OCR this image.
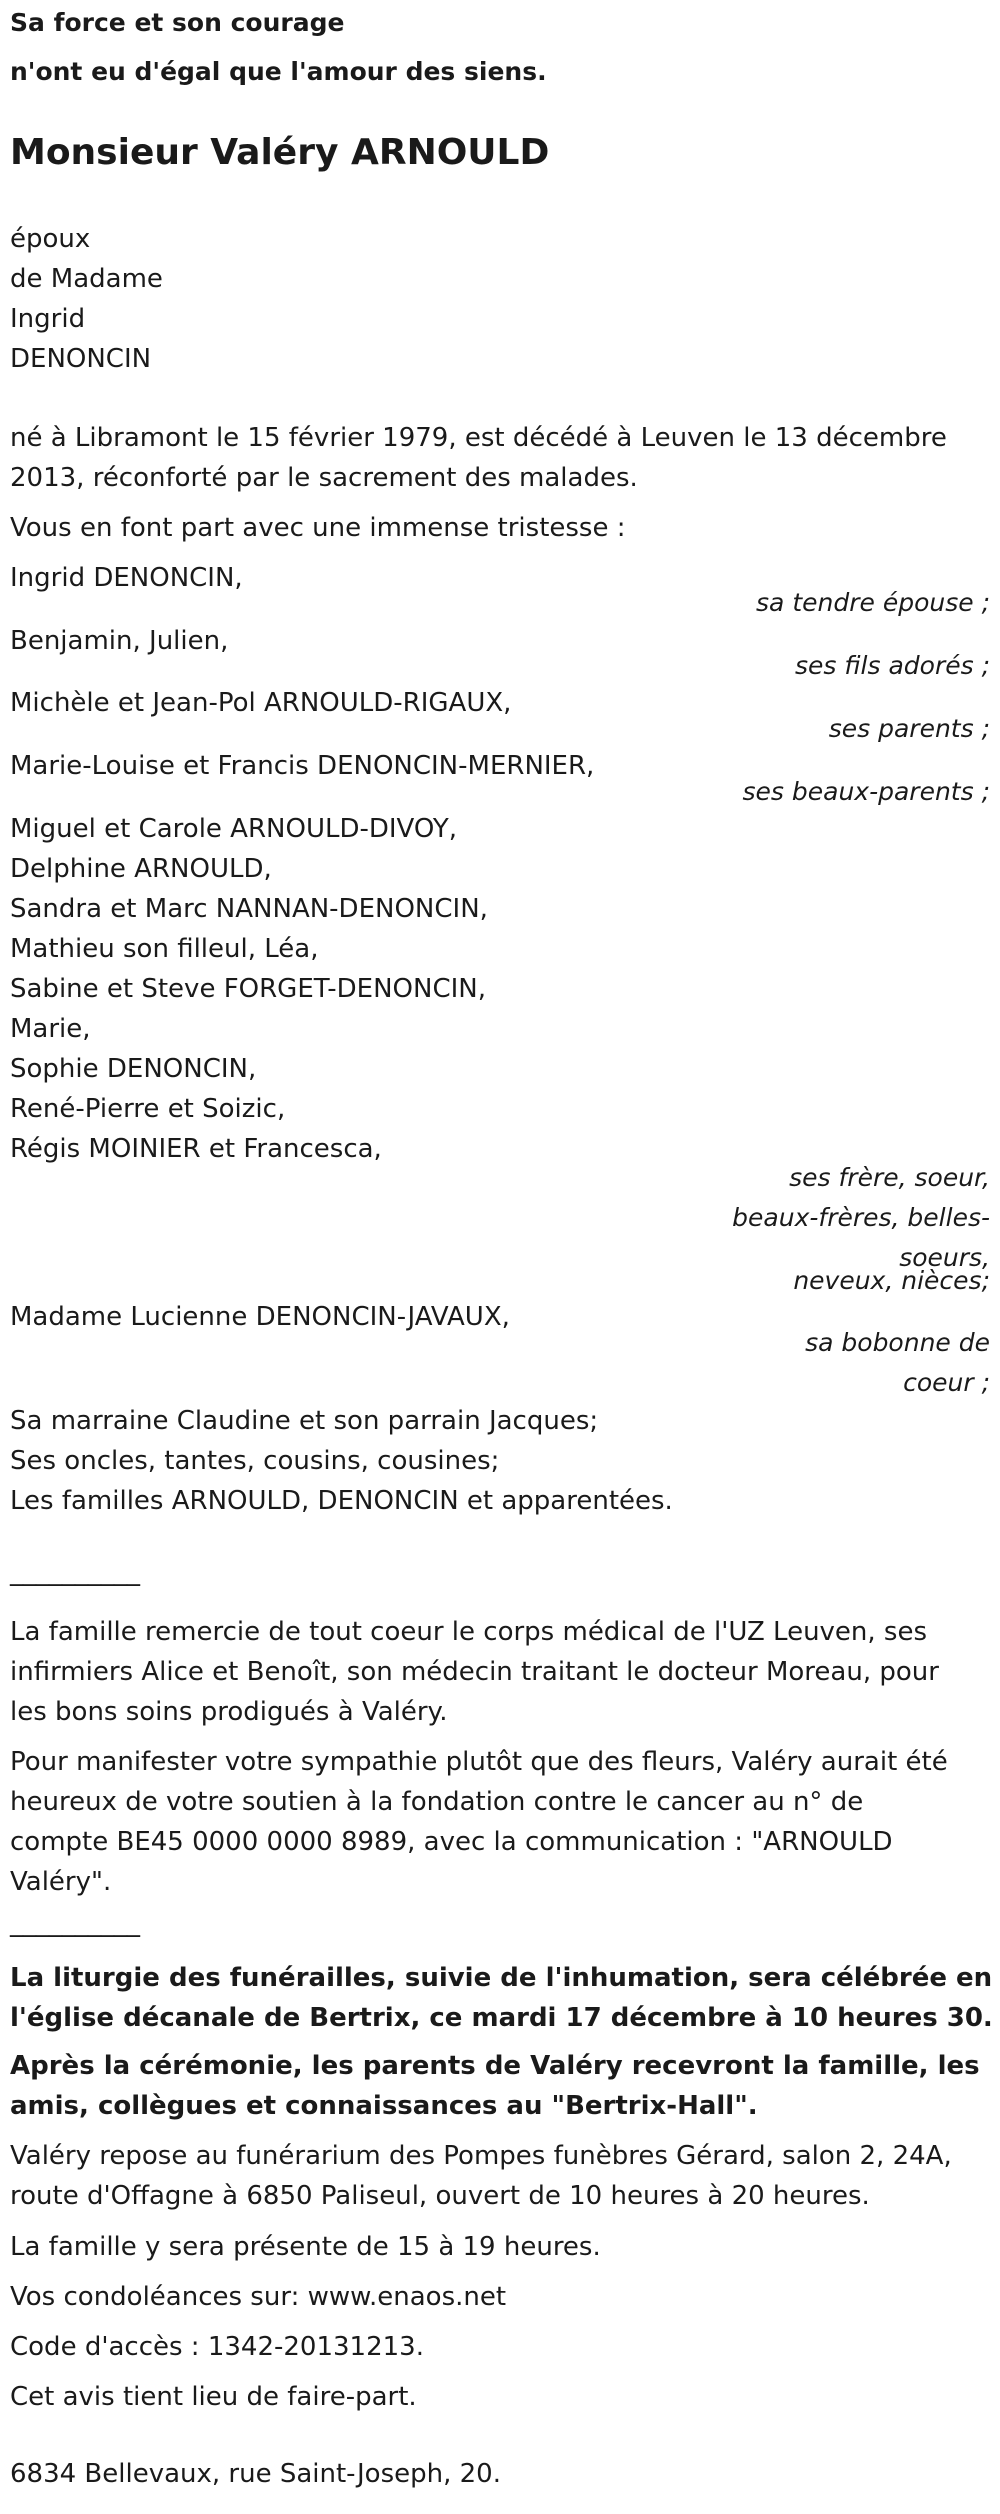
Sa force et son courage
n'ont eu d'égal que l'amour des siens.
Monsieur Valéry ARNOULD
époux
de Madame
Ingrid
DENONCIN
né à Libramont le 15 février 1979, est décédé à Leuven le 13 décembre
2013, réconforté par le sacrement des malades.
Vous en font part avec une immense tristesse :
Ingrid DENONCIN,
sa tendre épouse ;
Benjamin, Julien,
ses fils adorés ;
Michèle et Jean-Pol ARNOULD-RIGAUX,
ses parents ;
Marie-Louise et Francis DENONCIN-MERNIER,
ses beaux-parents ;
Miguel et Carole ARNOULD-DIVOY,
Delphine ARNOULD,
Sandra et Marc NANNAN-DENONCIN,
Mathieu son filleul, Léa,
Sabine et Steve FORGET-DENONCIN,
Marie,
Sophie DENONCIN,
René-Pierre et Soizic,
Régis MOINIER et Francesca,
ses frère, soeur,
beaux-frères, belles-
soeurs,
neveux, nièces;
Madame Lucienne DENONCIN-JAVAUX,
sa bobonne de
coeur ;
Sa marraine Claudine et son parrain Jacques;
Ses oncles, tantes, cousins, cousines;
Les familles ARNOULD, DENONCIN et apparentées.
__________
La famille remercie de tout coeur le corps médical de l'UZ Leuven, ses
infirmiers Alice et Benoît, son médecin traitant le docteur Moreau, pour
les bons soins prodigués à Valéry.
Pour manifester votre sympathie plutôt que des fleurs, Valéry aurait été
heureux de votre soutien à la fondation contre le cancer au n° de
compte BE45 0000 0000 8989, avec la communication : "ARNOULD
Valéry".
__________
La liturgie des funérailles, suivie de l'inhumation, sera célébrée en
l'église décanale de Bertrix, ce mardi 17 décembre à 10 heures 30.
Après la cérémonie, les parents de Valéry recevront la famille, les
amis, collègues et connaissances au "Bertrix-Hall".
Valéry repose au funérarium des Pompes funèbres Gérard, salon 2, 24A,
route d'Offagne à 6850 Paliseul, ouvert de 10 heures à 20 heures.
La famille y sera présente de 15 à 19 heures.
Vos condoléances sur: www.enaos.net
Code d'accès : 1342-20131213.
Cet avis tient lieu de faire-part.
6834 Bellevaux, rue Saint-Joseph, 20.
